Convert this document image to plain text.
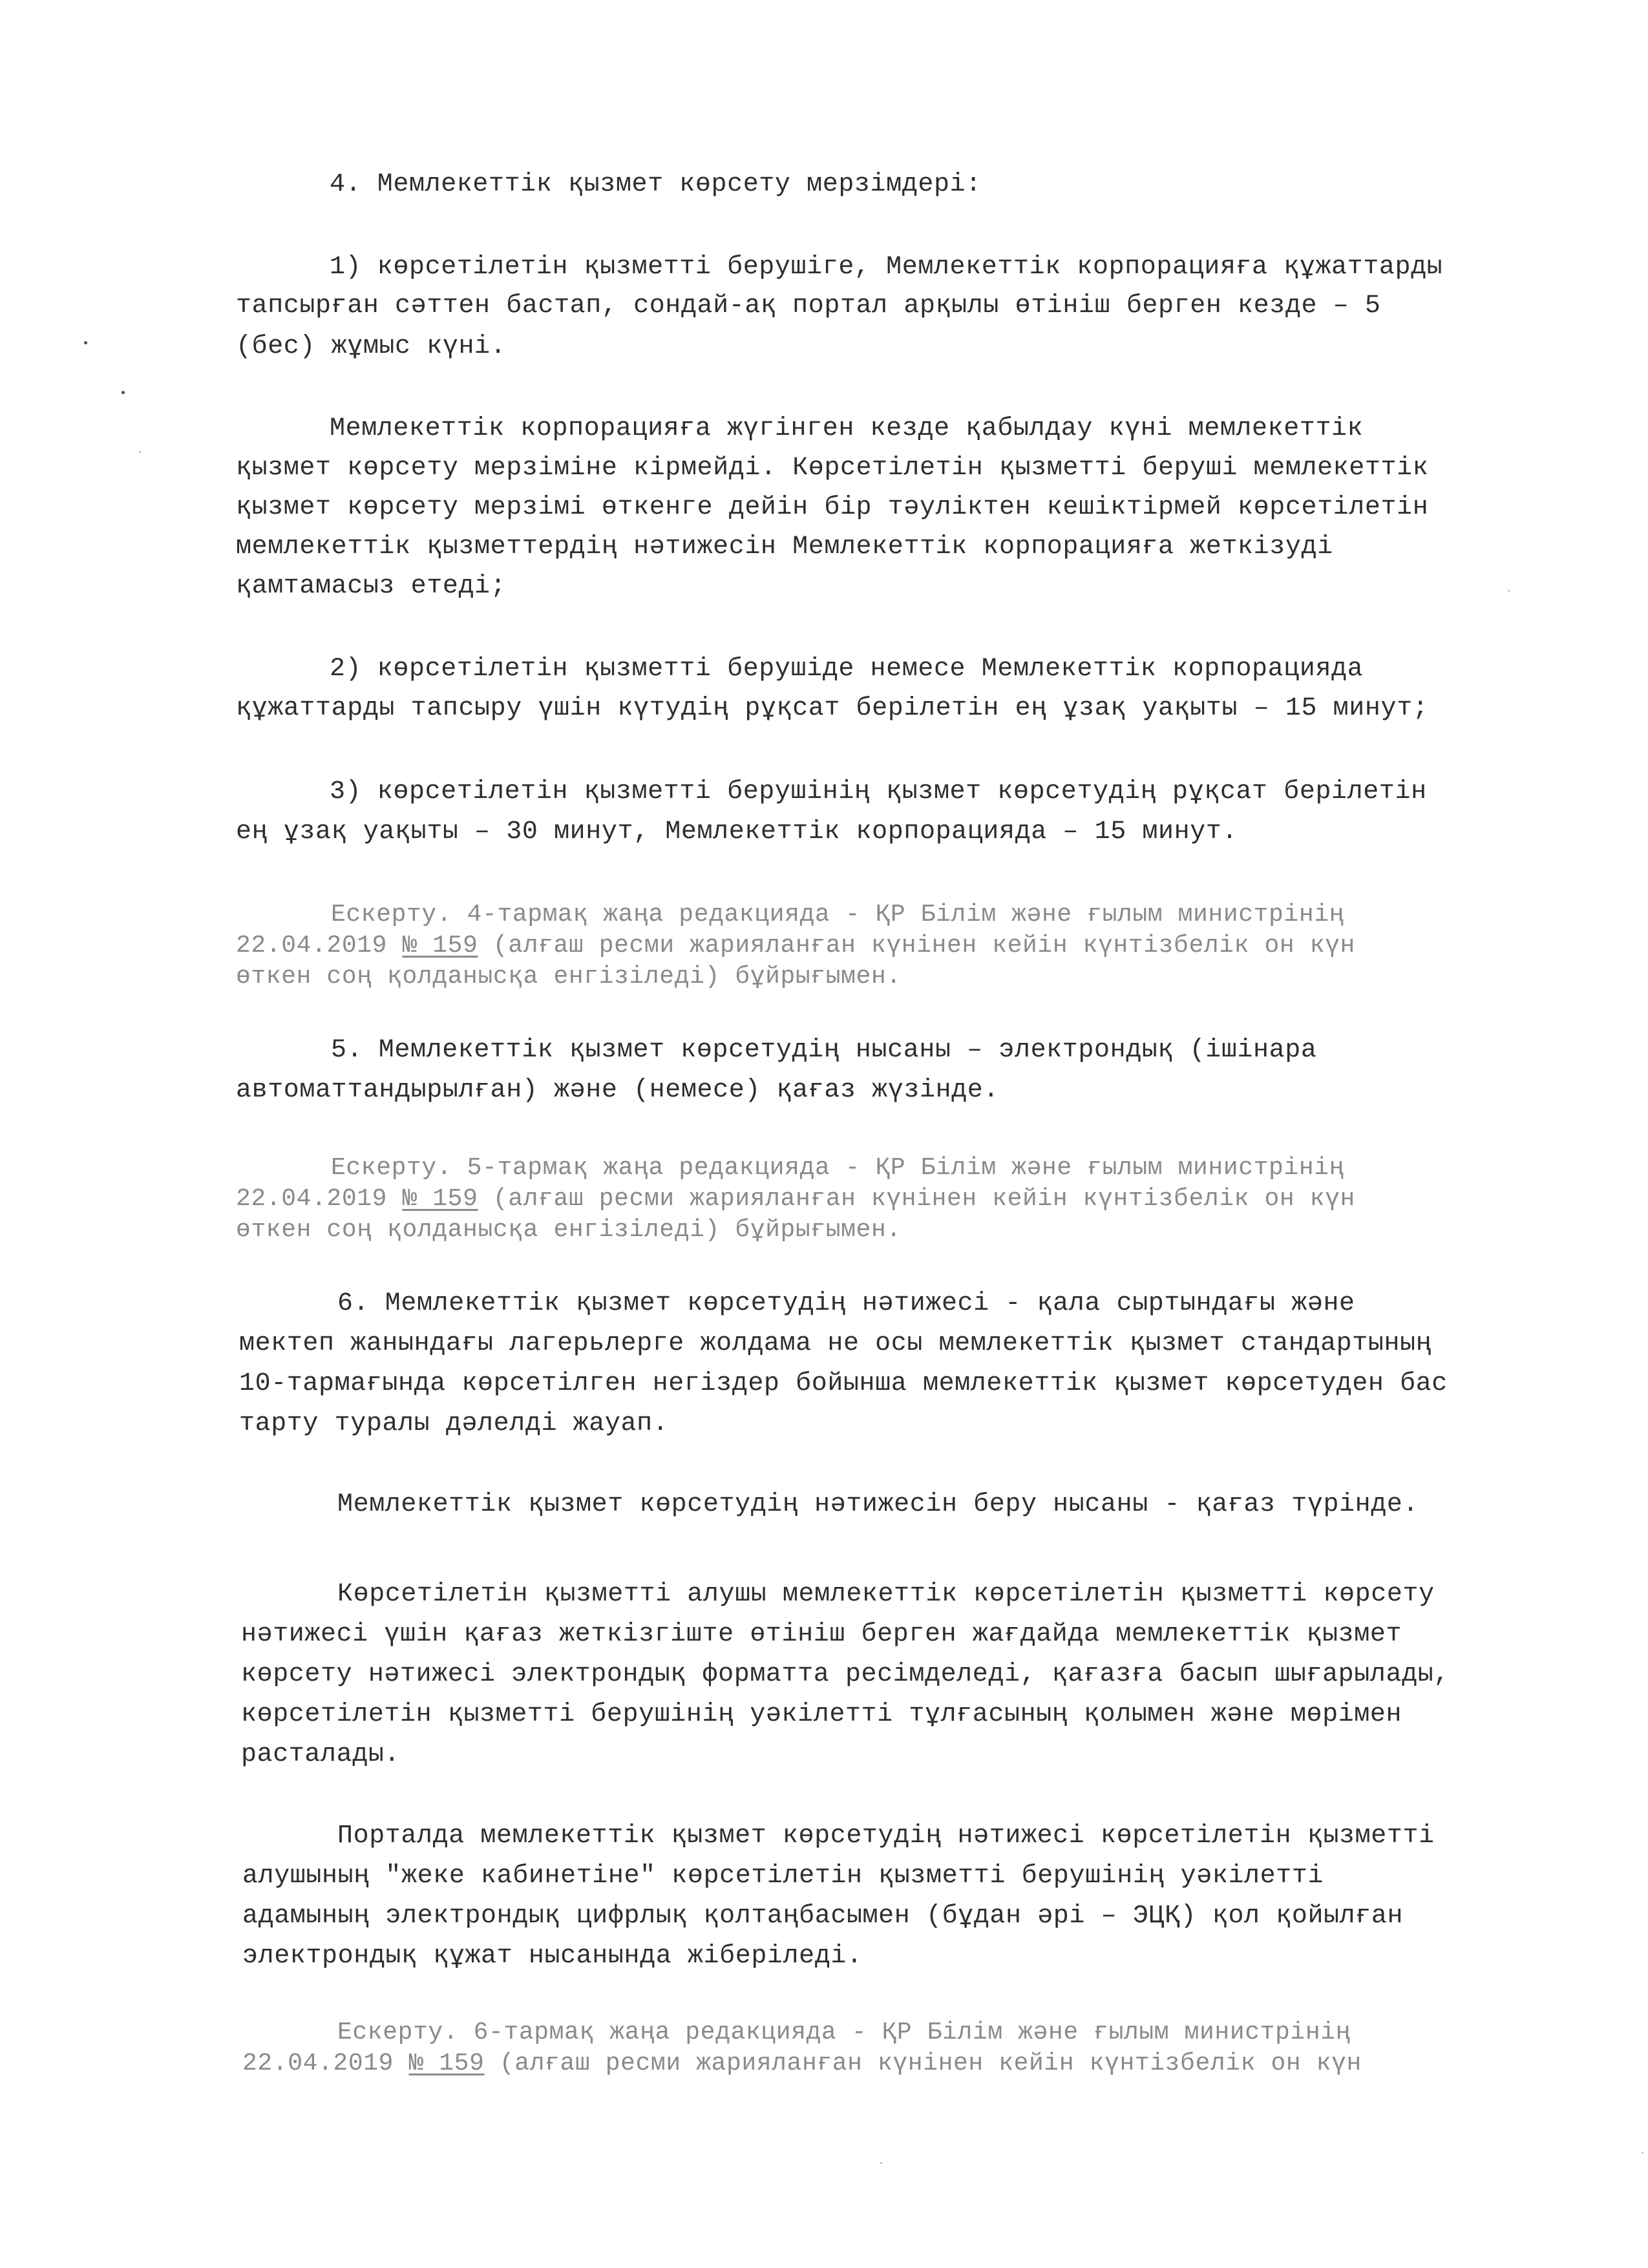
4. Мемлекеттік қызмет көрсету мерзімдері:
1) көрсетілетін қызметті берушіге, Мемлекеттік корпорацияға құжаттарды
тапсырған сәттен бастап, сондай-ақ портал арқылы өтініш берген кезде – 5
(бес) жұмыс күні.
Мемлекеттік корпорацияға жүгінген кезде қабылдау күні мемлекеттік
қызмет көрсету мерзіміне кірмейді. Көрсетілетін қызметті беруші мемлекеттік
қызмет көрсету мерзімі өткенге дейін бір тәуліктен кешіктірмей көрсетілетін
мемлекеттік қызметтердің нәтижесін Мемлекеттік корпорацияға жеткізуді
қамтамасыз етеді;
2) көрсетілетін қызметті берушіде немесе Мемлекеттік корпорацияда
құжаттарды тапсыру үшін күтудің рұқсат берілетін ең ұзақ уақыты – 15 минут;
3) көрсетілетін қызметті берушінің қызмет көрсетудің рұқсат берілетін
ең ұзақ уақыты – 30 минут, Мемлекеттік корпорацияда – 15 минут.
Ескерту. 4-тармақ жаңа редакцияда - ҚР Білім және ғылым министрінің
22.04.2019 № 159 (алғаш ресми жарияланған күнінен кейін күнтізбелік он күн
өткен соң қолданысқа енгізіледі) бұйрығымен.
5. Мемлекеттік қызмет көрсетудің нысаны – электрондық (ішінара
автоматтандырылған) және (немесе) қағаз жүзінде.
Ескерту. 5-тармақ жаңа редакцияда - ҚР Білім және ғылым министрінің
22.04.2019 № 159 (алғаш ресми жарияланған күнінен кейін күнтізбелік он күн
өткен соң қолданысқа енгізіледі) бұйрығымен.
6. Мемлекеттік қызмет көрсетудің нәтижесі - қала сыртындағы және
мектеп жанындағы лагерьлерге жолдама не осы мемлекеттік қызмет стандартының
10-тармағында көрсетілген негіздер бойынша мемлекеттік қызмет көрсетуден бас
тарту туралы дәлелді жауап.
Мемлекеттік қызмет көрсетудің нәтижесін беру нысаны - қағаз түрінде.
Көрсетілетін қызметті алушы мемлекеттік көрсетілетін қызметті көрсету
нәтижесі үшін қағаз жеткізгіште өтініш берген жағдайда мемлекеттік қызмет
көрсету нәтижесі электрондық форматта ресімделеді, қағазға басып шығарылады,
көрсетілетін қызметті берушінің уәкілетті тұлғасының қолымен және мөрімен
расталады.
Порталда мемлекеттік қызмет көрсетудің нәтижесі көрсетілетін қызметті
алушының "жеке кабинетіне" көрсетілетін қызметті берушінің уәкілетті
адамының электрондық цифрлық қолтаңбасымен (бұдан әрі – ЭЦҚ) қол қойылған
электрондық құжат нысанында жіберіледі.
Ескерту. 6-тармақ жаңа редакцияда - ҚР Білім және ғылым министрінің
22.04.2019 № 159 (алғаш ресми жарияланған күнінен кейін күнтізбелік он күн
